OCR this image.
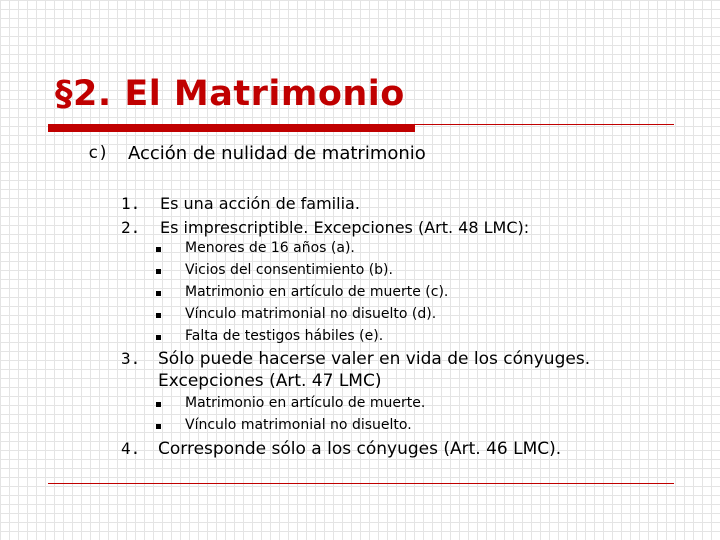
§2. El Matrimonio
c) Acción de nulidad de matrimonio
1. Es una acción de familia.
2. Es imprescriptible. Excepciones (Art. 48 LMC):
Menores de 16 años (a).
Vicios del consentimiento (b).
Matrimonio en artículo de muerte (c).
Vínculo matrimonial no disuelto (d).
Falta de testigos hábiles (e).
3. Sólo puede hacerse valer en vida de los cónyuges.
Excepciones (Art. 47 LMC)
Matrimonio en artículo de muerte.
Vínculo matrimonial no disuelto.
4. Corresponde sólo a los cónyuges (Art. 46 LMC).
